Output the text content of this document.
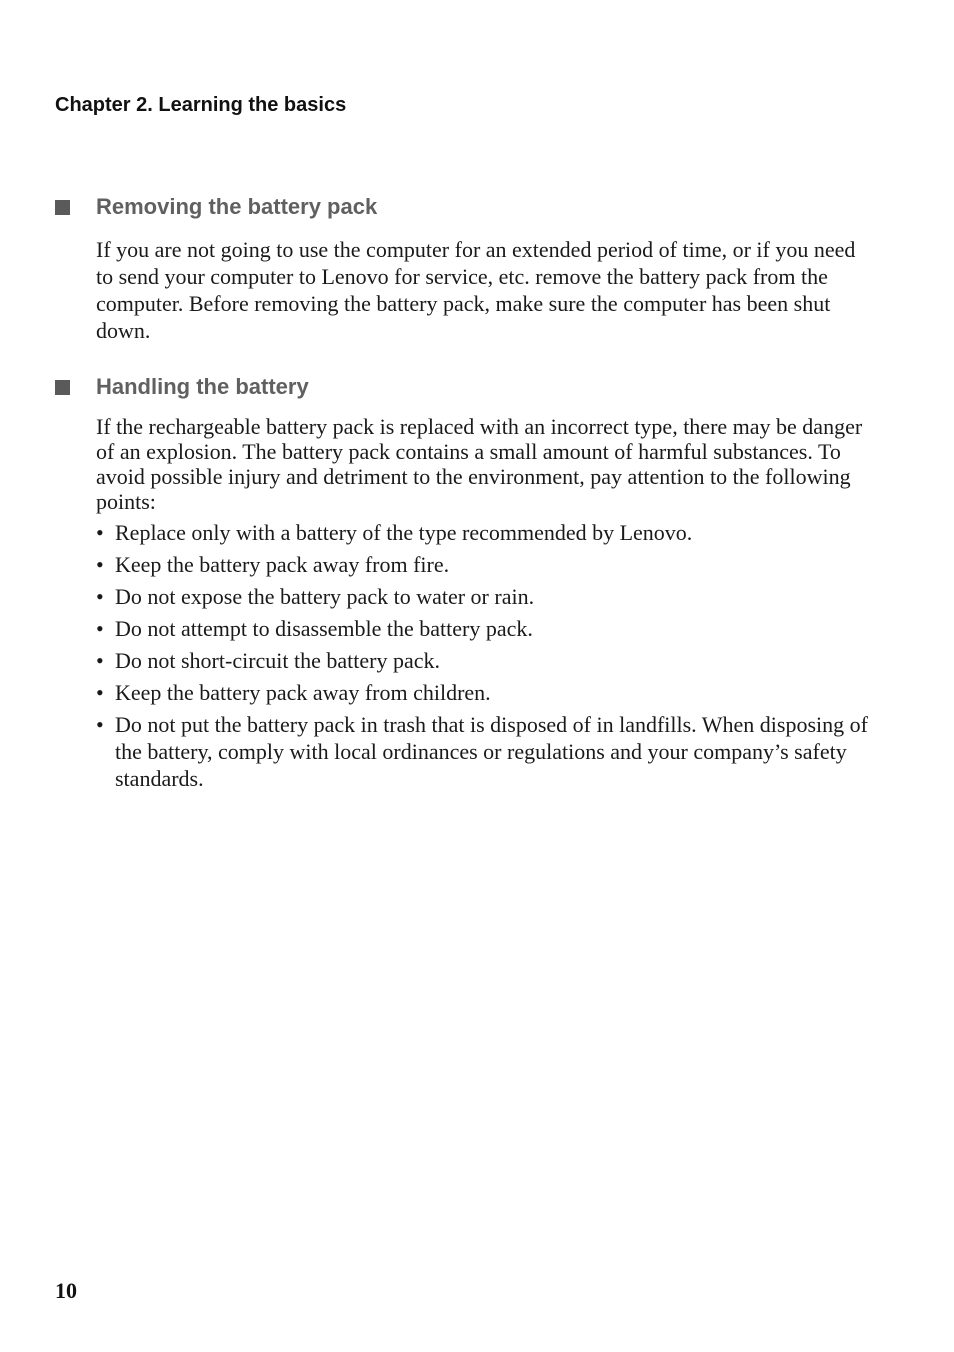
Chapter 2. Learning the basics
Removing the battery pack

If you are not going to use the computer for an extended period of time, or if you need to send your computer to Lenovo for service, etc. remove the battery pack from the computer. Before removing the battery pack, make sure the computer has been shut down.

Handling the battery

If the rechargeable battery pack is replaced with an incorrect type, there may be danger of an explosion. The battery pack contains a small amount of harmful substances. To avoid possible injury and detriment to the environment, pay attention to the following points:

• Replace only with a battery of the type recommended by Lenovo.
• Keep the battery pack away from fire.
• Do not expose the battery pack to water or rain.
• Do not attempt to disassemble the battery pack.
• Do not short-circuit the battery pack.
• Keep the battery pack away from children.
• Do not put the battery pack in trash that is disposed of in landfills. When disposing of the battery, comply with local ordinances or regulations and your company’s safety standards.

10
